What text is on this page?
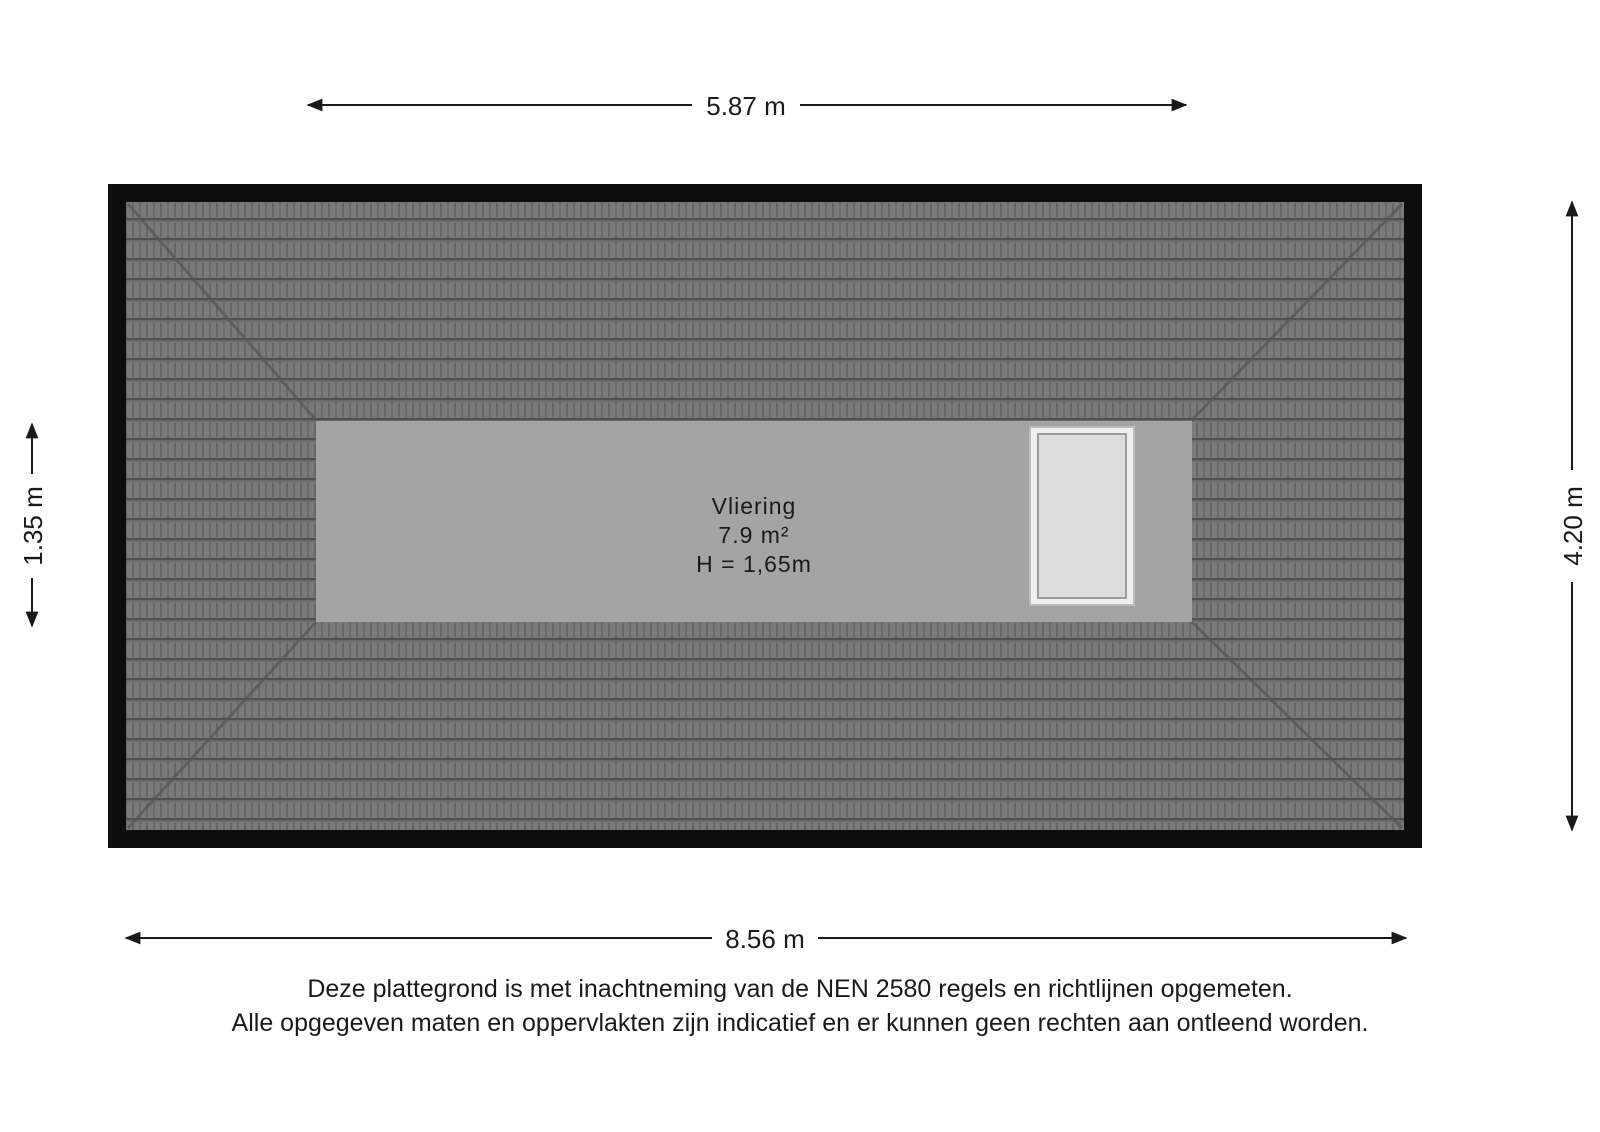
Vliering
7.9 m²
H = 1,65m
5.87 m
8.56 m
1.35 m	4.20 m
Deze plattegrond is met inachtneming van de NEN 2580 regels en richtlijnen opgemeten.
Alle opgegeven maten en oppervlakten zijn indicatief en er kunnen geen rechten aan ontleend worden.
